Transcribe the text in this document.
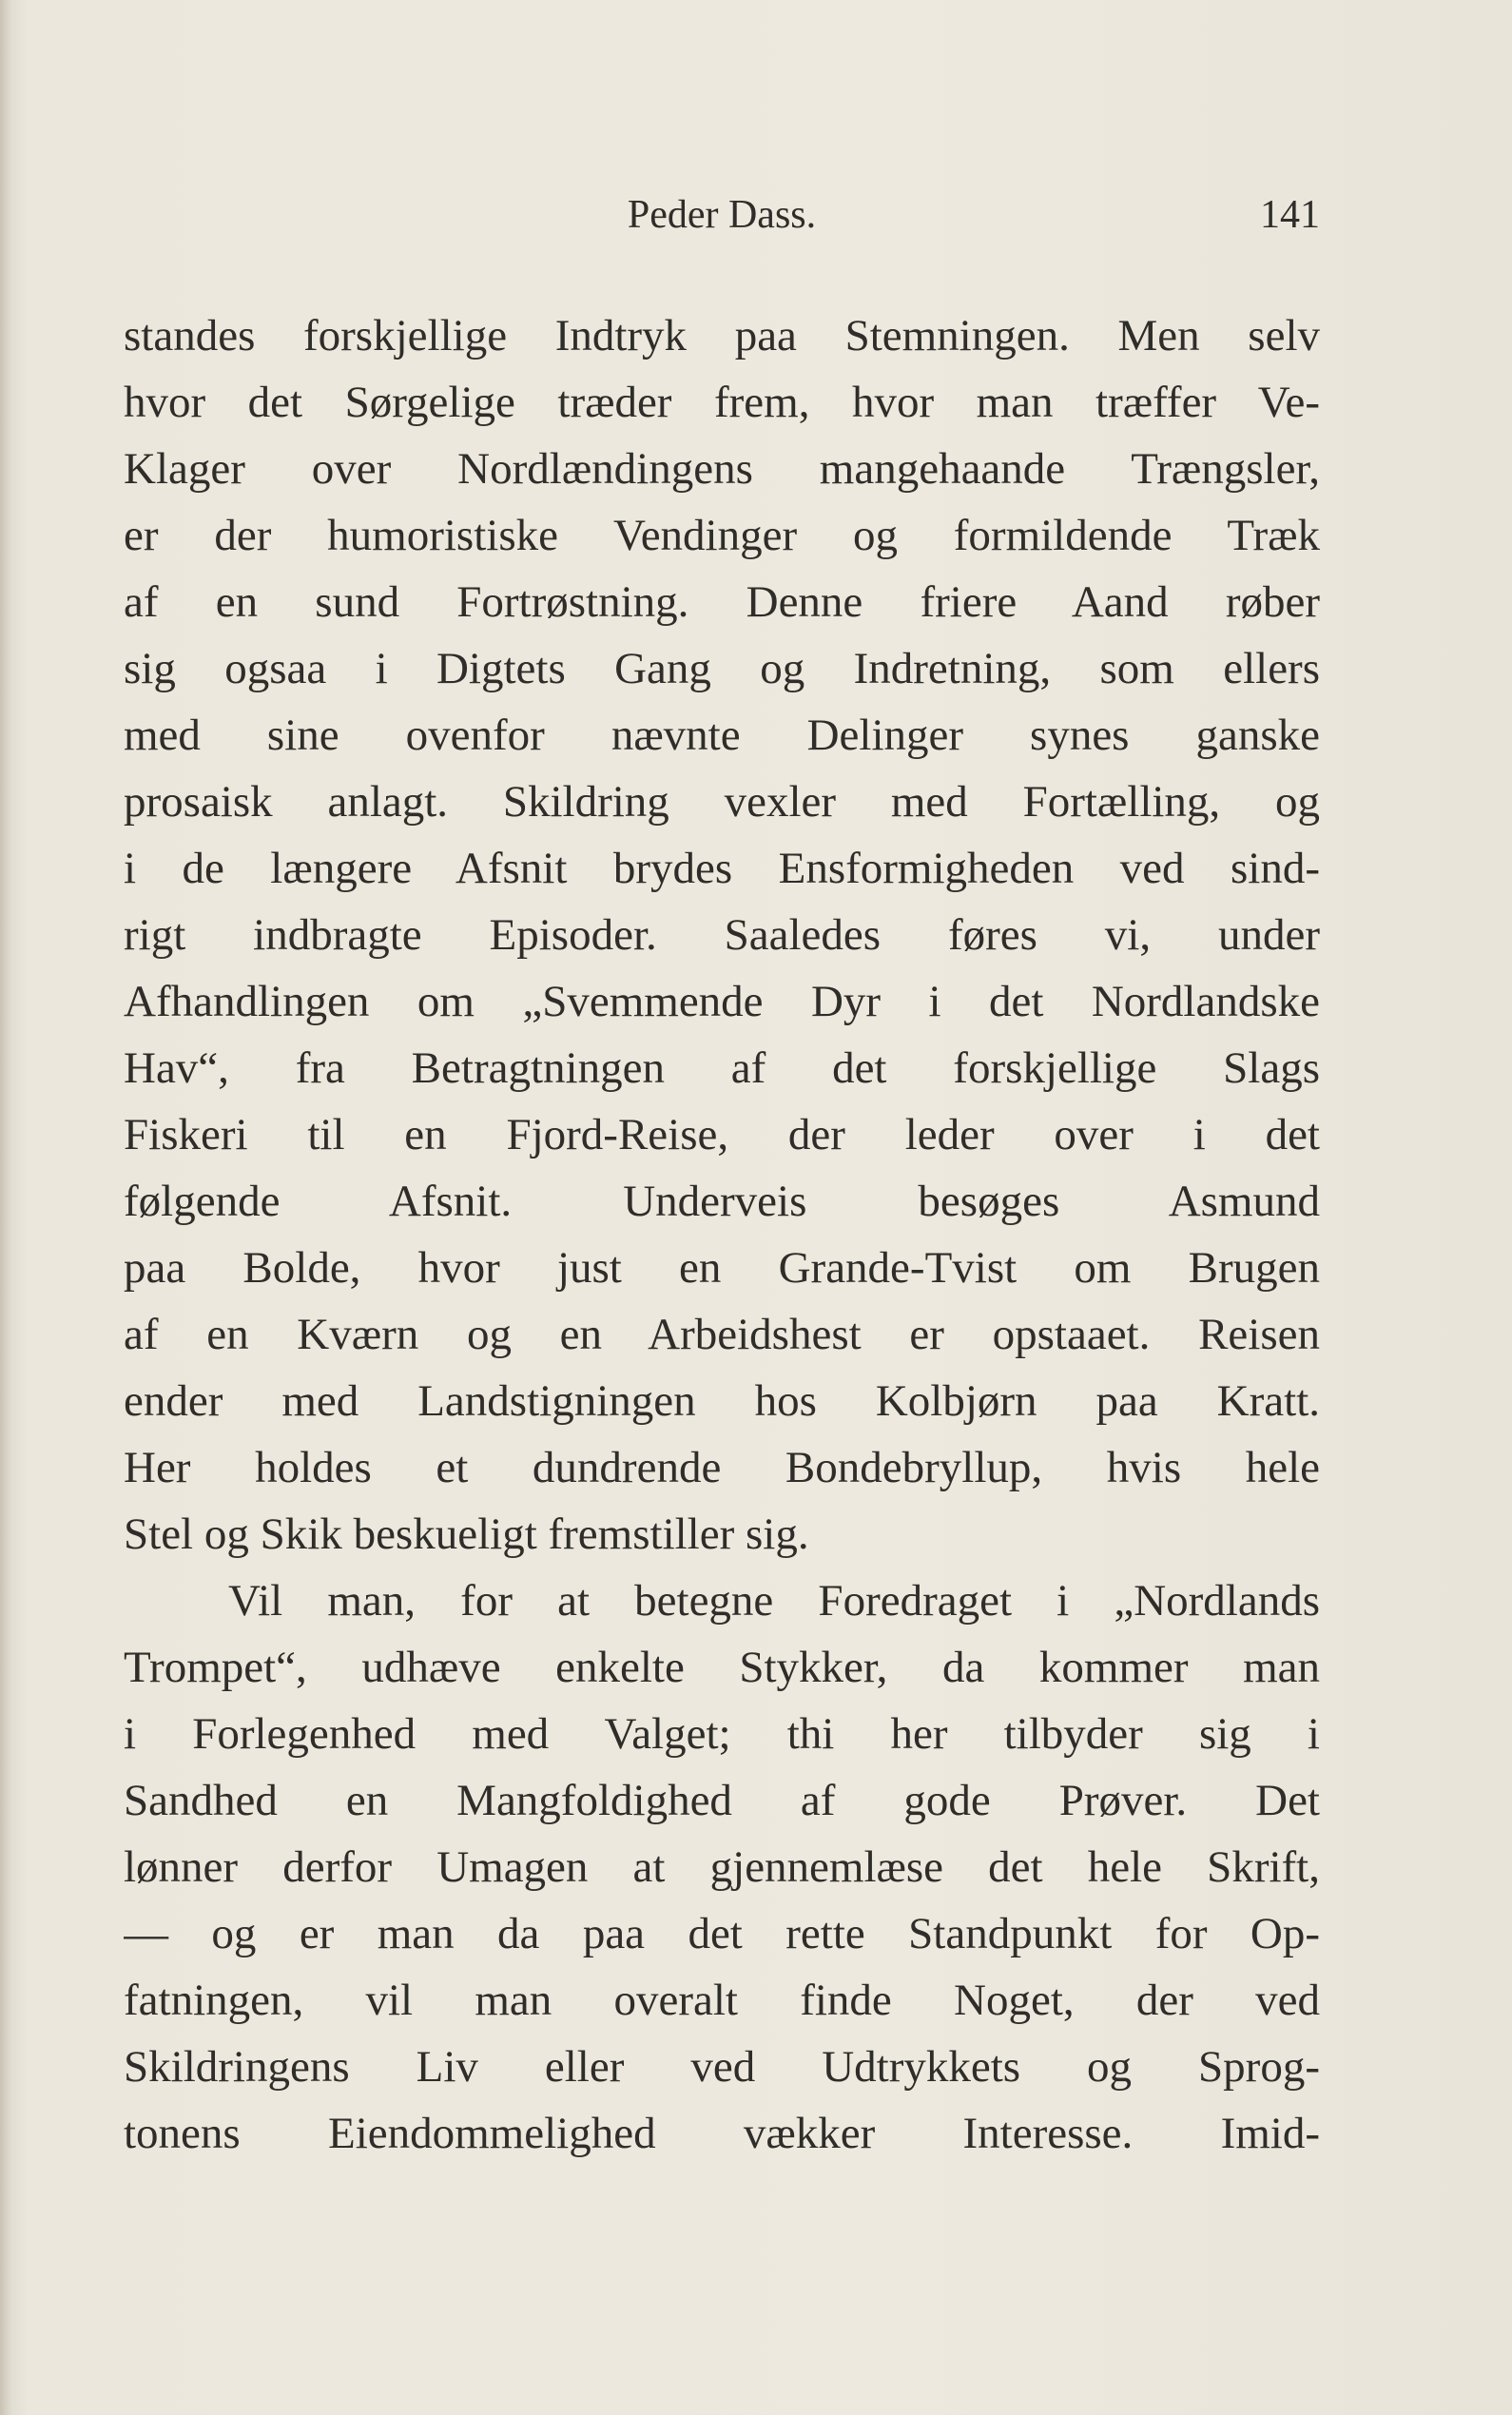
Peder Dass.	141
standes forskjellige Indtryk paa Stemningen. Men selv
hvor det Sørgelige træder frem, hvor man træffer Ve-
Klager over Nordlændingens mangehaande Trængsler,
er der humoristiske Vendinger og formildende Træk
af en sund Fortrøstning. Denne friere Aand røber
sig ogsaa i Digtets Gang og Indretning, som ellers
med sine ovenfor nævnte Delinger synes ganske
prosaisk anlagt. Skildring vexler med Fortælling, og
i de længere Afsnit brydes Ensformigheden ved sind-
rigt indbragte Episoder. Saaledes føres vi, under
Afhandlingen om „Svemmende Dyr i det Nordlandske
Hav“, fra Betragtningen af det forskjellige Slags
Fiskeri til en Fjord-Reise, der leder over i det
følgende Afsnit. Underveis besøges Asmund
paa Bolde, hvor just en Grande-Tvist om Brugen
af en Kværn og en Arbeidshest er opstaaet. Reisen
ender med Landstigningen hos Kolbjørn paa Kratt.
Her holdes et dundrende Bondebryllup, hvis hele
Stel og Skik beskueligt fremstiller sig.
Vil man, for at betegne Foredraget i „Nordlands
Trompet“, udhæve enkelte Stykker, da kommer man
i Forlegenhed med Valget; thi her tilbyder sig i
Sandhed en Mangfoldighed af gode Prøver. Det
lønner derfor Umagen at gjennemlæse det hele Skrift,
— og er man da paa det rette Standpunkt for Op-
fatningen, vil man overalt finde Noget, der ved
Skildringens Liv eller ved Udtrykkets og Sprog-
tonens Eiendommelighed vækker Interesse. Imid-
